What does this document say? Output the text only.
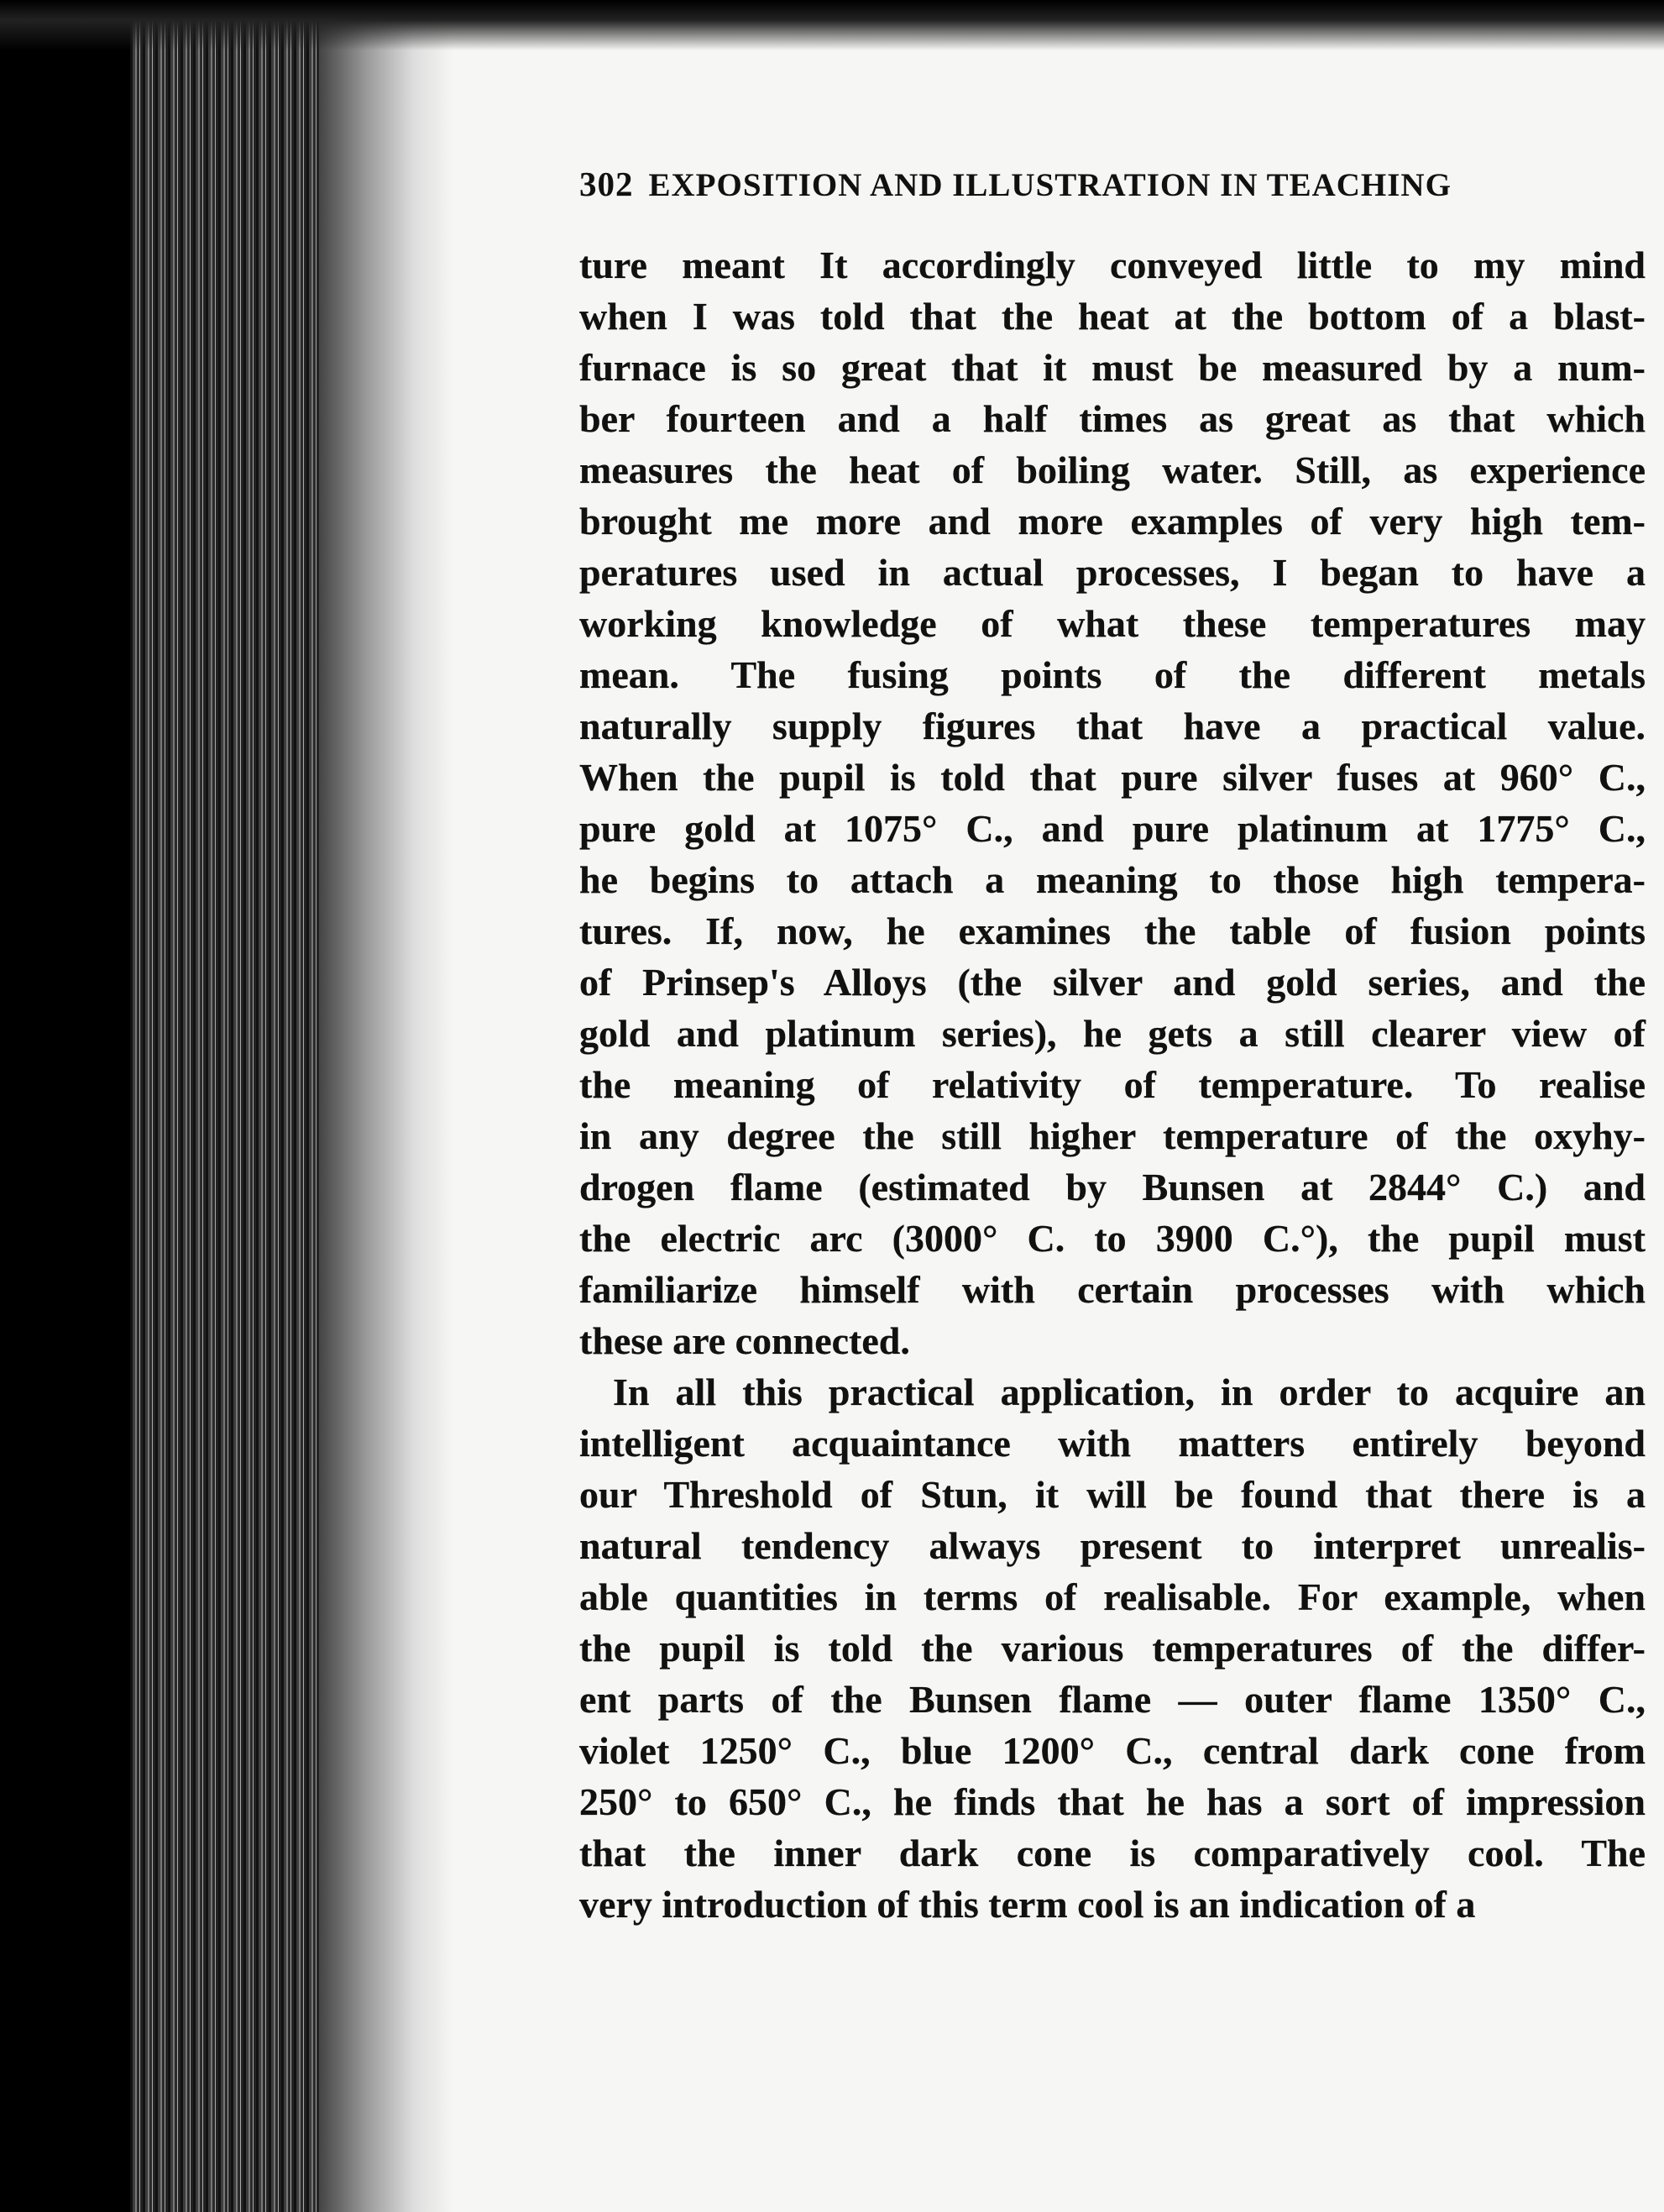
302 EXPOSITION AND ILLUSTRATION IN TEACHING
ture meant It accordingly conveyed little to my mind
when I was told that the heat at the bottom of a blast-
furnace is so great that it must be measured by a num-
ber fourteen and a half times as great as that which
measures the heat of boiling water. Still, as experience
brought me more and more examples of very high tem-
peratures used in actual processes, I began to have a
working knowledge of what these temperatures may
mean. The fusing points of the different metals
naturally supply figures that have a practical value.
When the pupil is told that pure silver fuses at 960° C.,
pure gold at 1075° C., and pure platinum at 1775° C.,
he begins to attach a meaning to those high tempera-
tures. If, now, he examines the table of fusion points
of Prinsep's Alloys (the silver and gold series, and the
gold and platinum series), he gets a still clearer view of
the meaning of relativity of temperature. To realise
in any degree the still higher temperature of the oxyhy-
drogen flame (estimated by Bunsen at 2844° C.) and
the electric arc (3000° C. to 3900 C.°), the pupil must
familiarize himself with certain processes with which
these are connected.
In all this practical application, in order to acquire an
intelligent acquaintance with matters entirely beyond
our Threshold of Stun, it will be found that there is a
natural tendency always present to interpret unrealis-
able quantities in terms of realisable. For example, when
the pupil is told the various temperatures of the differ-
ent parts of the Bunsen flame — outer flame 1350° C.,
violet 1250° C., blue 1200° C., central dark cone from
250° to 650° C., he finds that he has a sort of impression
that the inner dark cone is comparatively cool. The
very introduction of this term cool is an indication of a
